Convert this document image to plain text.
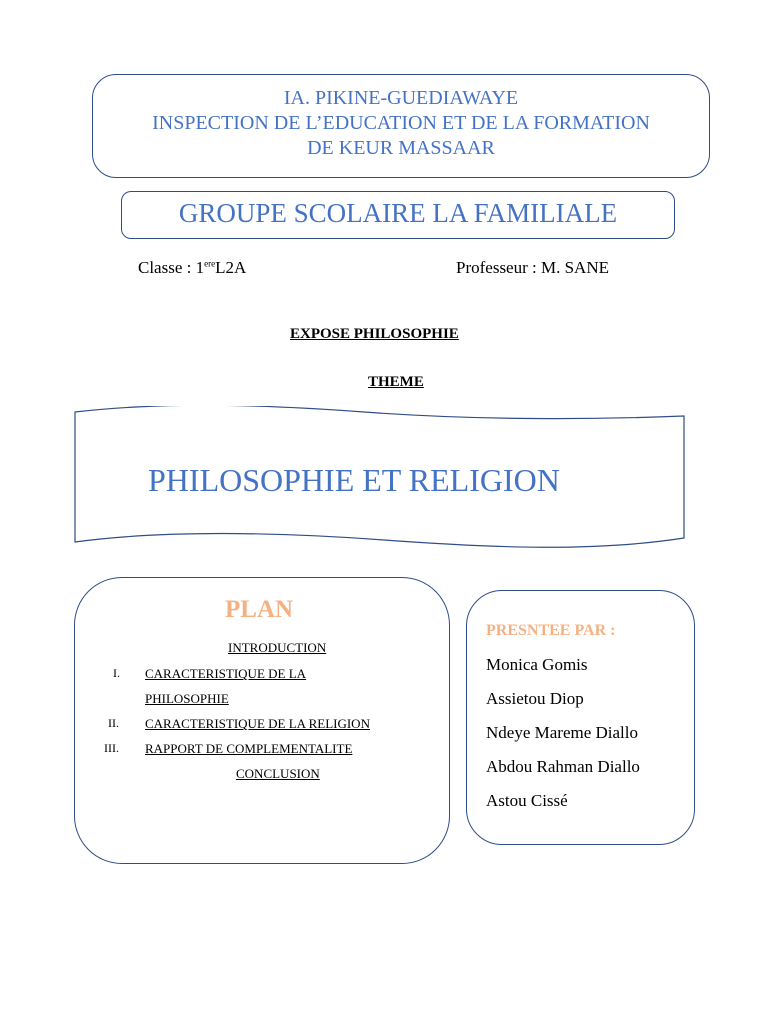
IA. PIKINE-GUEDIAWAYE
INSPECTION DE L’EDUCATION ET DE LA FORMATION
DE KEUR MASSAAR
GROUPE SCOLAIRE LA FAMILIALE
Classe : 1ereL2A	Professeur : M. SANE
EXPOSE PHILOSOPHIE
THEME
PHILOSOPHIE ET RELIGION
PLAN
INTRODUCTION
I. CARACTERISTIQUE DE LA
PHILOSOPHIE
II. CARACTERISTIQUE DE LA RELIGION
III. RAPPORT DE COMPLEMENTALITE
CONCLUSION
PRESNTEE PAR :
Monica Gomis
Assietou Diop
Ndeye Mareme Diallo
Abdou Rahman Diallo
Astou Cissé
